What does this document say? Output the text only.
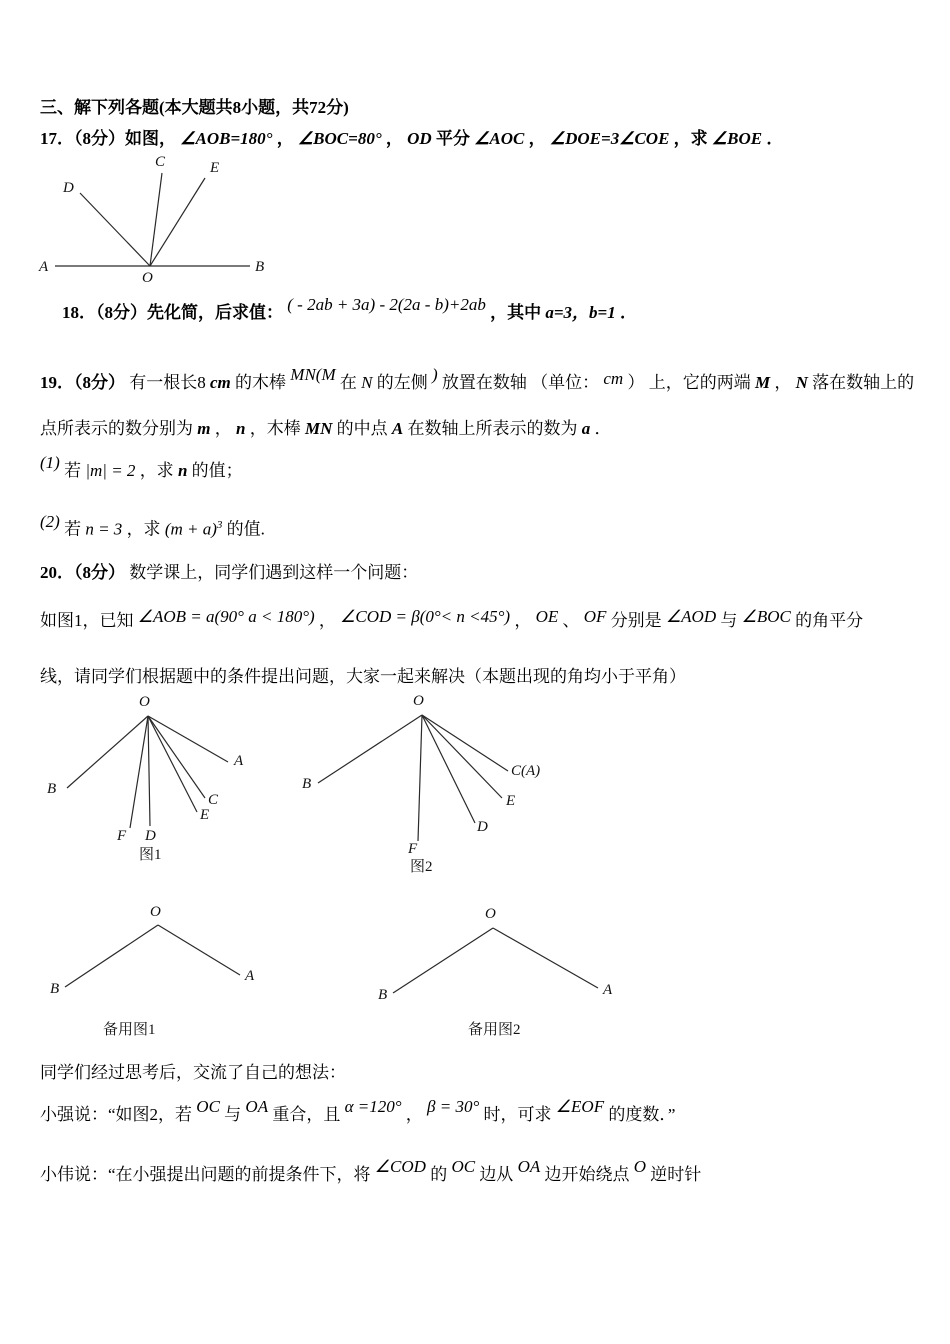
三、解下列各题(本大题共8小题，共72分)
17．（8分）如图， ∠AOB=180° ， ∠BOC=80° ， OD 平分 ∠AOC ， ∠DOE=3∠COE ，求 ∠BOE ．
D
C	E
A
O
B
18．（8分）先化简，后求值： ( - 2ab + 3a) - 2(2a - b)+2ab ，其中 a=3，b=1 ．
19．（8分） 有一根长8 cm 的木棒 MN(M 在 N 的左侧 ) 放置在数轴 （单位： cm ） 上，它的两端 M ， N 落在数轴上的
点所表示的数分别为 m ， n ，木棒 MN 的中点 A 在数轴上所表示的数为 a ．
(1) 若 |m| = 2 ，求 n 的值；
(2) 若 n = 3 ，求 $(m + a)^3$ 的值.
20．（8分） 数学课上，同学们遇到这样一个问题：
如图1，已知 ∠AOB = a(90° a < 180°) ， ∠COD = β(0°< n <45°) ， OE 、 OF 分别是 ∠AOD 与 ∠BOC 的角平分
线，请同学们根据题中的条件提出问题，大家一起来解决（本题出现的角均小于平角）
O
B
A
C
E
D
F
图1
O
B
C(A)
E
D
F
图2
O
B
A
备用图1
O
B	A
备用图2
同学们经过思考后，交流了自己的想法：
小强说：“如图2，若 OC 与 OA 重合，且 α =120° ， β = 30° 时，可求 ∠EOF 的度数．”
小伟说：“在小强提出问题的前提条件下，将 ∠COD 的 OC 边从 OA 边开始绕点 O 逆时针
